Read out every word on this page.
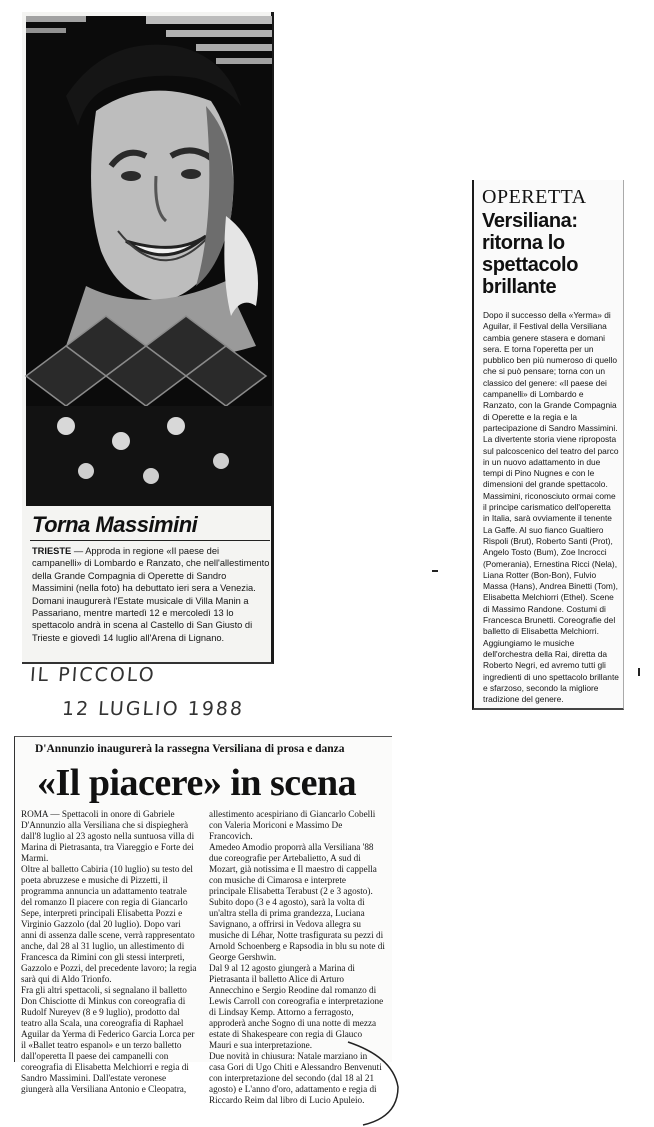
Torna Massimini
TRIESTE — Approda in regione «Il paese dei campanelli» di Lombardo e Ranzato, che nell'allestimento della Grande Compagnia di Operette di Sandro Massimini (nella foto) ha debuttato ieri sera a Venezia. Domani inaugurerà l'Estate musicale di Villa Manin a Passariano, mentre martedì 12 e mercoledì 13 lo spettacolo andrà in scena al Castello di San Giusto di Trieste e giovedì 14 luglio all'Arena di Lignano.
IL PICCOLO
12 LUGLIO 1988
OPERETTA
Versiliana: ritorna lo spettacolo brillante

Dopo il successo della «Yerma» di Aguilar, il Festival della Versiliana cambia genere stasera e domani sera. E torna l'operetta per un pubblico ben più numeroso di quello che si può pensare; torna con un classico del genere: «Il paese dei campanelli» di Lombardo e Ranzato, con la Grande Compagnia di Operette e la regia e la partecipazione di Sandro Massimini.

La divertente storia viene riproposta sul palcoscenico del teatro del parco in un nuovo adattamento in due tempi di Pino Nugnes e con le dimensioni del grande spettacolo. Massimini, riconosciuto ormai come il principe carismatico dell'operetta in Italia, sarà ovviamente il tenente La Gaffe. Al suo fianco Gualtiero Rispoli (Brut), Roberto Santi (Prot), Angelo Tosto (Bum), Zoe Incrocci (Pomerania), Ernestina Ricci (Nela), Liana Rotter (Bon-Bon), Fulvio Massa (Hans), Andrea Binetti (Tom), Elisabetta Melchiorri (Ethel). Scene di Massimo Randone. Costumi di Francesca Brunetti. Coreografie del balletto di Elisabetta Melchiorri. Aggiungiamo le musiche dell'orchestra della Rai, diretta da Roberto Negri, ed avremo tutti gli ingredienti di uno spettacolo brillante e sfarzoso, secondo la migliore tradizione del genere.

D'Annunzio inaugurerà la rassegna Versiliana di prosa e danza
«Il piacere» in scena

ROMA — Spettacoli in onore di Gabriele D'Annunzio alla Versiliana che si dispiegherà dall'8 luglio al 23 agosto nella suntuosa villa di Marina di Pietrasanta, tra Viareggio e Forte dei Marmi.

Oltre al balletto Cabiria (10 luglio) su testo del poeta abruzzese e musiche di Pizzetti, il programma annuncia un adattamento teatrale del romanzo Il piacere con regia di Giancarlo Sepe, interpreti principali Elisabetta Pozzi e Virginio Gazzolo (dal 20 luglio). Dopo vari anni di assenza dalle scene, verrà rappresentato anche, dal 28 al 31 luglio, un allestimento di Francesca da Rimini con gli stessi interpreti, Gazzolo e Pozzi, del precedente lavoro; la regia sarà qui di Aldo Trionfo.

Fra gli altri spettacoli, si segnalano il balletto Don Chisciotte di Minkus con coreografia di Rudolf Nureyev (8 e 9 luglio), prodotto dal teatro alla Scala, una coreografia di Raphael Aguilar da Yerma di Federico Garcia Lorca per il «Ballet teatro espanol» e un terzo balletto dall'operetta Il paese dei campanelli con coreografia di Elisabetta Melchiorri e regia di Sandro Massimini. Dall'estate veronese giungerà alla Versiliana Antonio e Cleopatra,

allestimento acespiriano di Giancarlo Cobelli con Valeria Moriconi e Massimo De Francovich.

Amedeo Amodio proporrà alla Versiliana '88 due coreografie per Artebalietto, A sud di Mozart, già notissima e Il maestro di cappella con musiche di Cimarosa e interprete principale Elisabetta Terabust (2 e 3 agosto). Subito dopo (3 e 4 agosto), sarà la volta di un'altra stella di prima grandezza, Luciana Savignano, a offrirsi in Vedova allegra su musiche di Léhar, Notte trasfigurata su pezzi di Arnold Schoenberg e Rapsodia in blu su note di George Gershwin.

Dal 9 al 12 agosto giungerà a Marina di Pietrasanta il balletto Alice di Arturo Annecchino e Sergio Reodine dal romanzo di Lewis Carroll con coreografia e interpretazione di Lindsay Kemp. Attorno a ferragosto, approderà anche Sogno di una notte di mezza estate di Shakespeare con regia di Glauco Mauri e sua interpretazione.

Due novità in chiusura: Natale marziano in casa Gori di Ugo Chiti e Alessandro Benvenuti con interpretazione del secondo (dal 18 al 21 agosto) e L'anno d'oro, adattamento e regia di Riccardo Reim dal libro di Lucio Apuleio.
